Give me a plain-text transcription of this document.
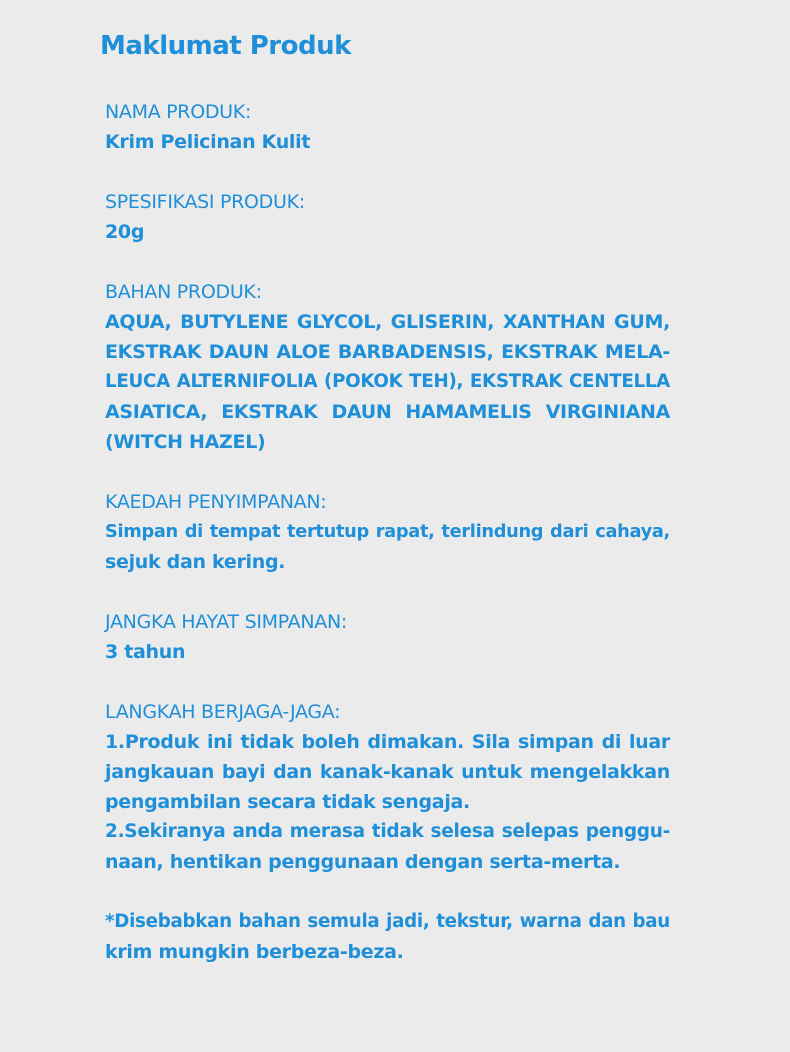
Maklumat Produk

NAMA PRODUK:

Krim Pelicinan Kulit

SPESIFIKASI PRODUK:

20g

BAHAN PRODUK:

AQUA, BUTYLENE GLYCOL, GLISERIN, XANTHAN GUM,
EKSTRAK DAUN ALOE BARBADENSIS, EKSTRAK MELA-
LEUCA ALTERNIFOLIA (POKOK TEH), EKSTRAK CENTELLA
ASIATICA, EKSTRAK DAUN HAMAMELIS VIRGINIANA
(WITCH HAZEL)

KAEDAH PENYIMPANAN:

Simpan di tempat tertutup rapat, terlindung dari cahaya,
sejuk dan kering.

JANGKA HAYAT SIMPANAN:

3 tahun

LANGKAH BERJAGA-JAGA:

1.Produk ini tidak boleh dimakan. Sila simpan di luar
jangkauan bayi dan kanak-kanak untuk mengelakkan
pengambilan secara tidak sengaja.
2.Sekiranya anda merasa tidak selesa selepas penggu-
naan, hentikan penggunaan dengan serta-merta.

*Disebabkan bahan semula jadi, tekstur, warna dan bau
krim mungkin berbeza-beza.
